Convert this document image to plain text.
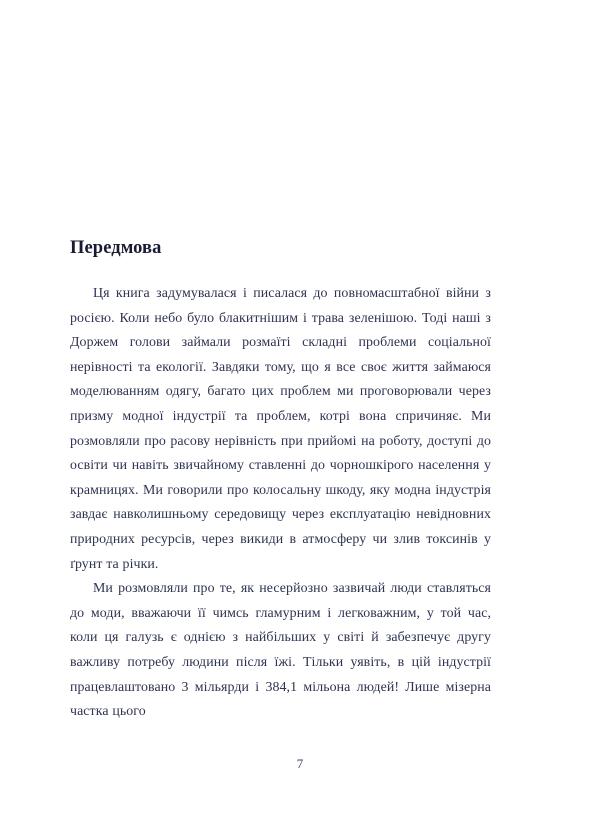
Передмова

Ця книга задумувалася і писалася до повномасштабної війни з росією. Коли небо було блакитнішим і трава зеленішою. Тоді наші з Доржем голови займали розмаїті складні проблеми соціальної нерівності та екології. Завдяки тому, що я все своє життя займаюся моделюванням одягу, багато цих проблем ми проговорювали через призму модної індустрії та проблем, котрі вона спричиняє. Ми розмовляли про расову нерівність при прийомі на роботу, доступі до освіти чи навіть звичайному ставленні до чорношкірого населення у крамницях. Ми говорили про колосальну шкоду, яку модна індустрія завдає навколишньому середовищу через експлуатацію невідновних природних ресурсів, через викиди в атмосферу чи злив токсинів у ґрунт та річки.

Ми розмовляли про те, як несерйозно зазвичай люди ставляться до моди, вважаючи її чимсь гламурним і легковажним, у той час, коли ця галузь є однією з найбільших у світі й забезпечує другу важливу потребу людини після їжі. Тільки уявіть, в цій індустрії працевлаштовано 3 мільярди і 384,1 мільона людей! Лише мізерна частка цього

7
